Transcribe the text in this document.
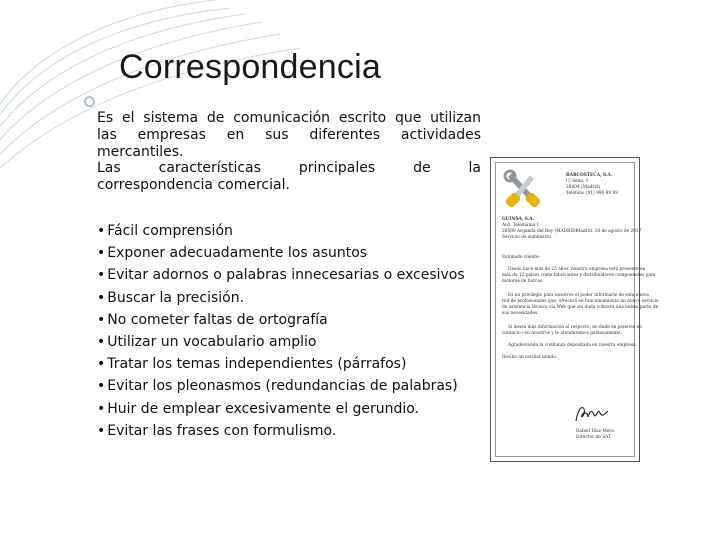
Correspondencia

Es el sistema de comunicación escrito que utilizan

las empresas en sus diferentes actividades

mercantiles.

Las características principales de la

correspondencia comercial.

• Fácil comprensión
• Exponer adecuadamente los asuntos
• Evitar adornos o palabras innecesarias o excesivos
• Buscar la precisión.
• No cometer faltas de ortografía
• Utilizar un vocabulario amplio
• Tratar los temas independientes (párrafos)
• Evitar los pleonasmos (redundancias de palabras)
• Huir de emplear excesivamente el gerundio.
• Evitar las frases con formulismo.
BARCOSTECA, S.A.
C/ Sena, 1
28004 (Madrid)
Teléfono (91) 990 99 88
GUINSA, S.A.
Avd. Telemania 1
28500 Arganda del Rey (MADRID)
Servicio de suministro
Madrid, 18 de agosto de 2017
Estimado cliente:
Desde hace más de 25 años, nuestra empresa está presente en
más de 12 países como fabricantes y distribuidores componentes para
motores de barcos.
Es un privilegio para nosotros el poder informarle de esta nueva
red de profesionales que, ofrecerá en funcionamiento un nuevo servicio
de asistencia técnica vía Web que sin duda colmará una buena parte de
sus necesidades.
Si desea más información al respecto, no dude en ponerse en
contacto con nosotros y le atenderemos gustosamente.
Agradeciendo la confianza depositada en nuestra empresa,
Reciba un cordial saludo.
Rafael Díaz Mera
Director de SAT
